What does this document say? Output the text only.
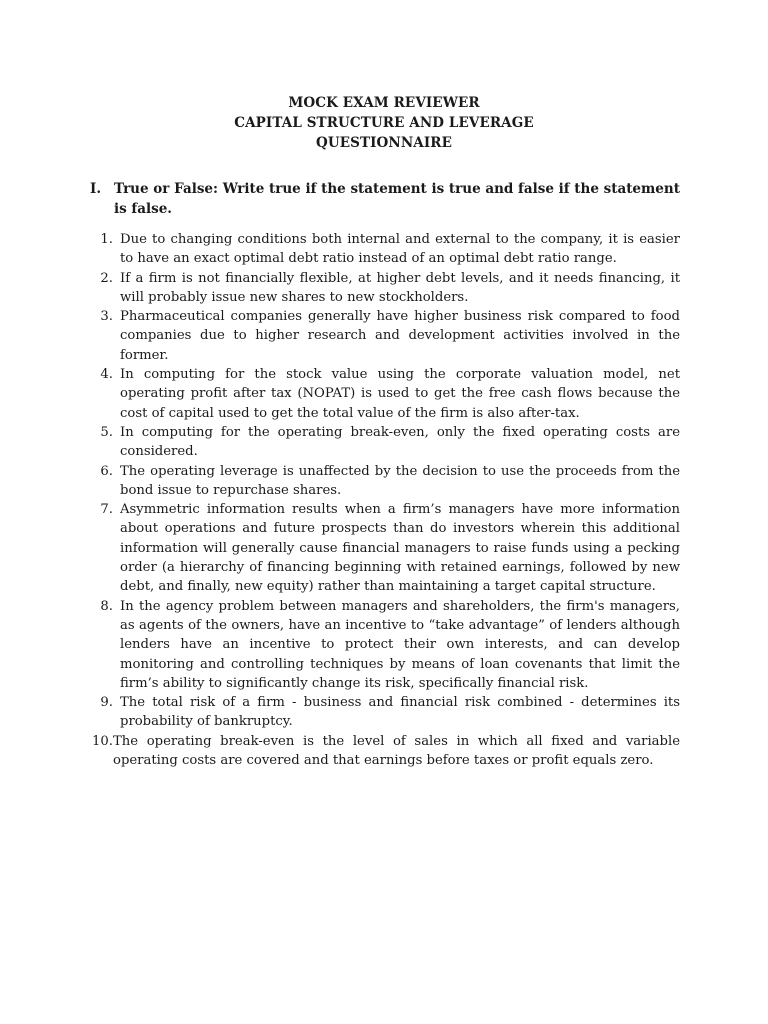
MOCK EXAM REVIEWER
CAPITAL STRUCTURE AND LEVERAGE
QUESTIONNAIRE
I. True or False: Write true if the statement is true and false if the statement is false.
1. Due to changing conditions both internal and external to the company, it is easier to have an exact optimal debt ratio instead of an optimal debt ratio range.
2. If a firm is not financially flexible, at higher debt levels, and it needs financing, it will probably issue new shares to new stockholders.
3. Pharmaceutical companies generally have higher business risk compared to food companies due to higher research and development activities involved in the former.
4. In computing for the stock value using the corporate valuation model, net operating profit after tax (NOPAT) is used to get the free cash flows because the cost of capital used to get the total value of the firm is also after-tax.
5. In computing for the operating break-even, only the fixed operating costs are considered.
6. The operating leverage is unaffected by the decision to use the proceeds from the bond issue to repurchase shares.
7. Asymmetric information results when a firm’s managers have more information about operations and future prospects than do investors wherein this additional information will generally cause financial managers to raise funds using a pecking order (a hierarchy of financing beginning with retained earnings, followed by new debt, and finally, new equity) rather than maintaining a target capital structure.
8. In the agency problem between managers and shareholders, the firm's managers, as agents of the owners, have an incentive to “take advantage” of lenders although lenders have an incentive to protect their own interests, and can develop monitoring and controlling techniques by means of loan covenants that limit the firm’s ability to significantly change its risk, specifically financial risk.
9. The total risk of a firm - business and financial risk combined - determines its probability of bankruptcy.
10. The operating break-even is the level of sales in which all fixed and variable operating costs are covered and that earnings before taxes or profit equals zero.
